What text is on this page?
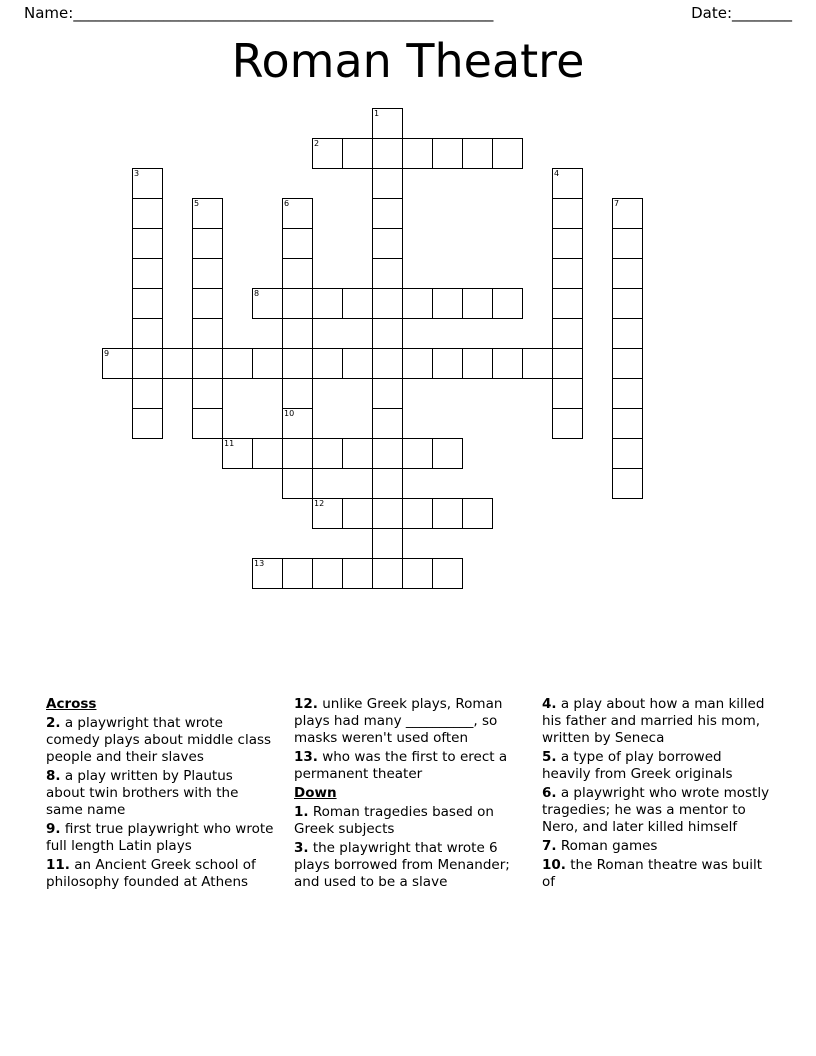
Name: ________________________________________________________	Date: ________
Roman Theatre
1
2
3	4
5	6	7
8
9
10
11
12
13
Across
2. a playwright that wrote comedy plays about middle class people and their slaves
8. a play written by Plautus about twin brothers with the same name
9. first true playwright who wrote full length Latin plays
11. an Ancient Greek school of philosophy founded at Athens
12. unlike Greek plays, Roman plays had many __________, so masks weren't used often
13. who was the first to erect a permanent theater
Down
1. Roman tragedies based on Greek subjects
3. the playwright that wrote 6 plays borrowed from Menander; and used to be a slave
4. a play about how a man killed his father and married his mom, written by Seneca
5. a type of play borrowed heavily from Greek originals
6. a playwright who wrote mostly tragedies; he was a mentor to Nero, and later killed himself
7. Roman games
10. the Roman theatre was built of
